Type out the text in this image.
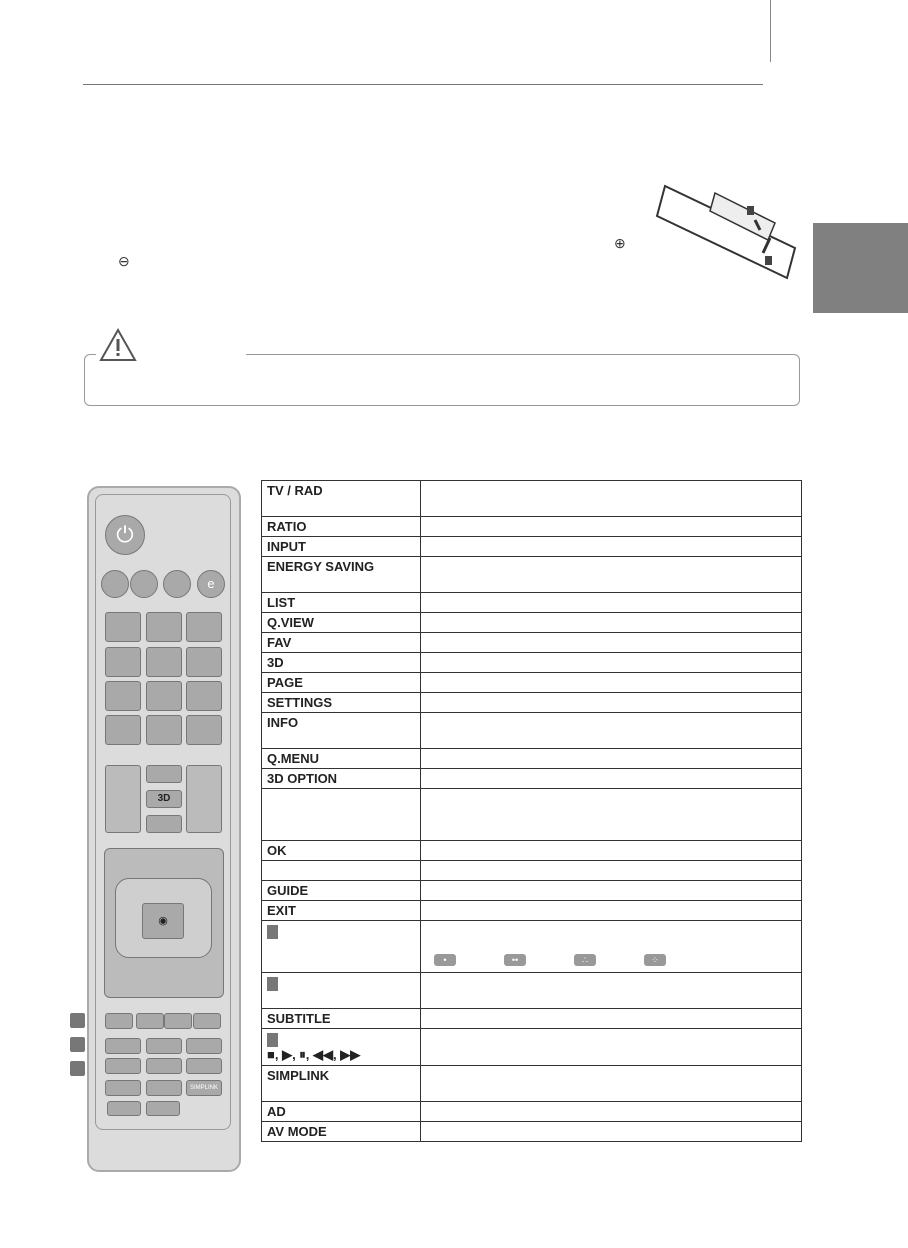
⊕
⊖
⏻
e
3D
◉
SIMPLINK
TV / RAD	
RATIO	
INPUT	
ENERGY SAVING	
LIST	
Q.VIEW	
FAV	
3D	
PAGE	
SETTINGS	
INFO	
Q.MENU	
3D OPTION	

OK	

GUIDE	
EXIT	

	• •• ∴ ⁘

SUBTITLE	

■, ▶, ⏸, ◀◀, ▶▶	
SIMPLINK	
AD	
AV MODE	
